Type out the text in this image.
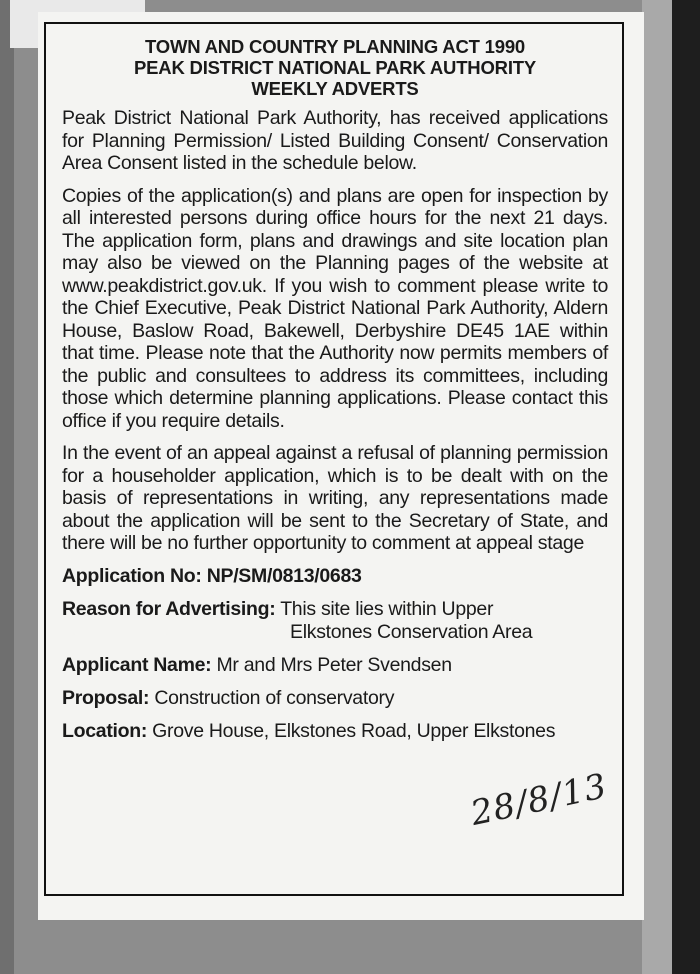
TOWN AND COUNTRY PLANNING ACT 1990
PEAK DISTRICT NATIONAL PARK AUTHORITY
WEEKLY ADVERTS

Peak District National Park Authority, has received applications for Planning Permission/ Listed Building Consent/ Conservation Area Consent listed in the schedule below.

Copies of the application(s) and plans are open for inspection by all interested persons during office hours for the next 21 days. The application form, plans and drawings and site location plan may also be viewed on the Planning pages of the website at www.peakdistrict.gov.uk. If you wish to comment please write to the Chief Executive, Peak District National Park Authority, Aldern House, Baslow Road, Bakewell, Derbyshire DE45 1AE within that time. Please note that the Authority now permits members of the public and consultees to address its committees, including those which determine planning applications. Please contact this office if you require details.

In the event of an appeal against a refusal of planning permission for a householder application, which is to be dealt with on the basis of representations in writing, any representations made about the application will be sent to the Secretary of State, and there will be no further opportunity to comment at appeal stage

Application No: NP/SM/0813/0683
Reason for Advertising: This site lies within Upper
Elkstones Conservation Area
Applicant Name: Mr and Mrs Peter Svendsen
Proposal: Construction of conservatory
Location: Grove House, Elkstones Road, Upper Elkstones
28/8/13
